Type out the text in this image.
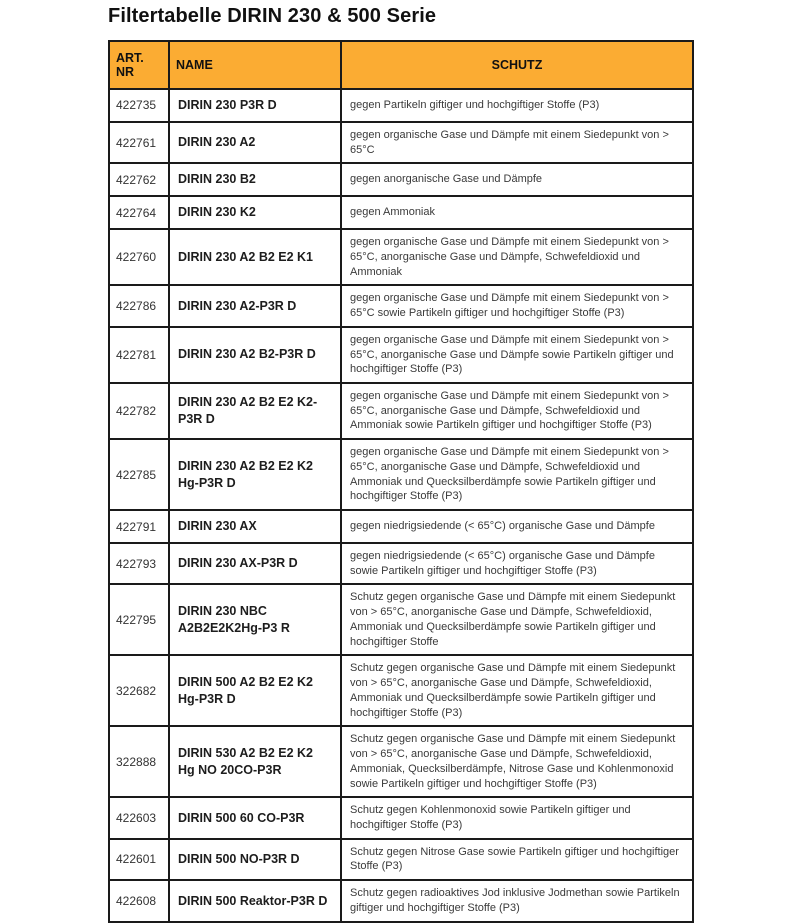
Filtertabelle DIRIN 230 & 500 Serie
ART. NR	NAME	SCHUTZ
422735	DIRIN 230 P3R D	gegen Partikeln giftiger und hochgiftiger Stoffe (P3)
422761	DIRIN 230 A2	gegen organische Gase und Dämpfe mit einem Siedepunkt von > 65°C
422762	DIRIN 230 B2	gegen anorganische Gase und Dämpfe
422764	DIRIN 230 K2	gegen Ammoniak
422760	DIRIN 230 A2 B2 E2 K1	gegen organische Gase und Dämpfe mit einem Siedepunkt von > 65°C, anorganische Gase und Dämpfe, Schwefeldioxid und Ammoniak
422786	DIRIN 230 A2-P3R D	gegen organische Gase und Dämpfe mit einem Siedepunkt von > 65°C sowie Partikeln giftiger und hochgiftiger Stoffe (P3)
422781	DIRIN 230 A2 B2-P3R D	gegen organische Gase und Dämpfe mit einem Siedepunkt von > 65°C, anorganische Gase und Dämpfe sowie Partikeln giftiger und hochgiftiger Stoffe (P3)
422782	DIRIN 230 A2 B2 E2 K2-P3R D	gegen organische Gase und Dämpfe mit einem Siedepunkt von > 65°C, anorganische Gase und Dämpfe, Schwefeldioxid und Ammoniak sowie Partikeln giftiger und hochgiftiger Stoffe (P3)
422785	DIRIN 230 A2 B2 E2 K2 Hg-P3R D	gegen organische Gase und Dämpfe mit einem Siedepunkt von > 65°C, anorganische Gase und Dämpfe, Schwefeldioxid und Ammoniak und Quecksilberdämpfe sowie Partikeln giftiger und hochgiftiger Stoffe (P3)
422791	DIRIN 230 AX	gegen niedrigsiedende (< 65°C) organische Gase und Dämpfe
422793	DIRIN 230 AX-P3R D	gegen niedrigsiedende (< 65°C) organische Gase und Dämpfe sowie Partikeln giftiger und hochgiftiger Stoffe (P3)
422795	DIRIN 230 NBC A2B2E2K2Hg-P3 R	Schutz gegen organische Gase und Dämpfe mit einem Siedepunkt von > 65°C, anorganische Gase und Dämpfe, Schwefeldioxid, Ammoniak und Quecksilberdämpfe sowie Partikeln giftiger und hochgiftiger Stoffe
322682	DIRIN 500 A2 B2 E2 K2 Hg-P3R D	Schutz gegen organische Gase und Dämpfe mit einem Siedepunkt von > 65°C, anorganische Gase und Dämpfe, Schwefeldioxid, Ammoniak und Quecksilberdämpfe sowie Partikeln giftiger und hochgiftiger Stoffe (P3)
322888	DIRIN 530 A2 B2 E2 K2 Hg NO 20CO-P3R	Schutz gegen organische Gase und Dämpfe mit einem Siedepunkt von > 65°C, anorganische Gase und Dämpfe, Schwefeldioxid, Ammoniak, Quecksilberdämpfe, Nitrose Gase und Kohlenmonoxid sowie Partikeln giftiger und hochgiftiger Stoffe (P3)
422603	DIRIN 500 60 CO-P3R	Schutz gegen Kohlenmonoxid sowie Partikeln giftiger und hochgiftiger Stoffe (P3)
422601	DIRIN 500 NO-P3R D	Schutz gegen Nitrose Gase sowie Partikeln giftiger und hochgiftiger Stoffe (P3)
422608	DIRIN 500 Reaktor-P3R D	Schutz gegen radioaktives Jod inklusive Jodmethan sowie Partikeln giftiger und hochgiftiger Stoffe (P3)
